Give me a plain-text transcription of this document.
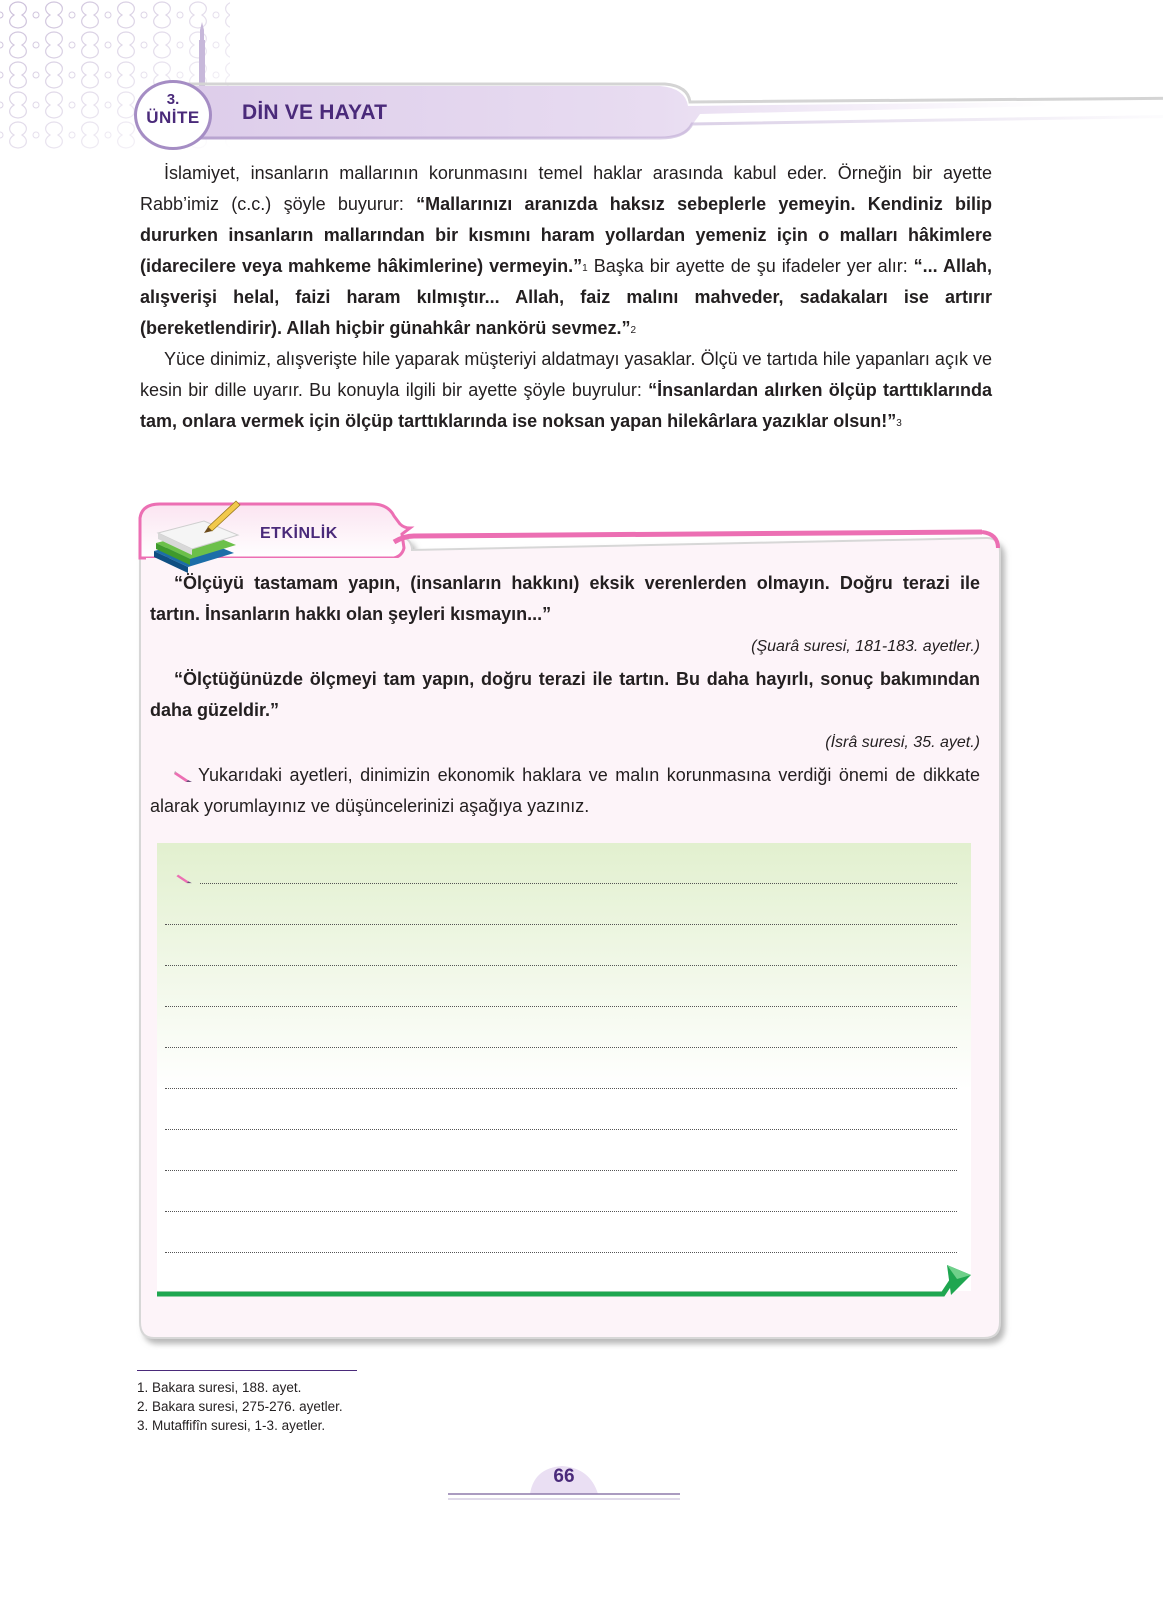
3.
ÜNİTE	DİN VE HAYAT

İslamiyet, insanların mallarının korunmasını temel haklar arasında kabul eder. Örneğin bir ayette Rabb’imiz (c.c.) şöyle buyurur: “Mallarınızı aranızda haksız sebeplerle yemeyin. Kendiniz bilip dururken insanların mallarından bir kısmını haram yollardan yemeniz için o malları hâkimlere (idarecilere veya mahkeme hâkimlerine) vermeyin.”$^1$ Başka bir ayette de şu ifadeler yer alır: “... Allah, alışverişi helal, faizi haram kılmıştır... Allah, faiz malını mahveder, sadakaları ise artırır (bereketlendirir). Allah hiçbir günahkâr nankörü sevmez.”$^2$

Yüce dinimiz, alışverişte hile yaparak müşteriyi aldatmayı yasaklar. Ölçü ve tartıda hile yapanları açık ve kesin bir dille uyarır. Bu konuyla ilgili bir ayette şöyle buyrulur: “İnsanlardan alırken ölçüp tarttıklarında tam, onlara vermek için ölçüp tarttıklarında ise noksan yapan hilekârlara yazıklar olsun!”$^3$

ETKİNLİK

“Ölçüyü tastamam yapın, (insanların hakkını) eksik verenlerden olmayın. Doğru terazi ile tartın. İnsanların hakkı olan şeyleri kısmayın...”

(Şuarâ suresi, 181-183. ayetler.)

“Ölçtüğünüzde ölçmeyi tam yapın, doğru terazi ile tartın. Bu daha hayırlı, sonuç bakımından daha güzeldir.”

(İsrâ suresi, 35. ayet.)

Yukarıdaki ayetleri, dinimizin ekonomik haklara ve malın korunmasına verdiği önemi de dikkate alarak yorumlayınız ve düşüncelerinizi aşağıya yazınız.

1. Bakara suresi, 188. ayet.
2. Bakara suresi, 275-276. ayetler.
3. Mutaffifîn suresi, 1-3. ayetler.
66
